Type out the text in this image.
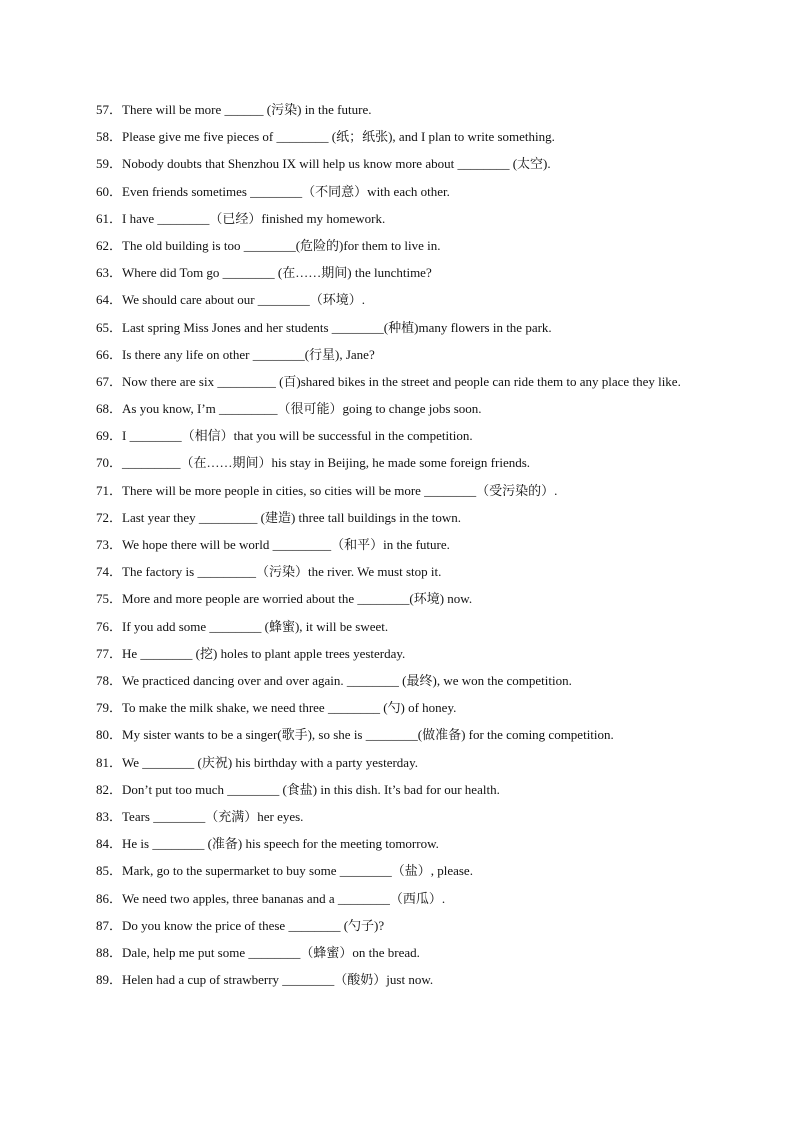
57．There will be more ______ (污染) in the future.
58．Please give me five pieces of ________ (纸；纸张), and I plan to write something.
59．Nobody doubts that Shenzhou IX will help us know more about ________ (太空).
60．Even friends sometimes ________（不同意）with each other.
61．I have ________（已经）finished my homework.
62．The old building is too ________(危险的)for them to live in.
63．Where did Tom go ________ (在……期间) the lunchtime?
64．We should care about our ________（环境）.
65．Last spring Miss Jones and her students ________(种植)many flowers in the park.
66．Is there any life on other ________(行星), Jane?
67．Now there are six _________ (百)shared bikes in the street and people can ride them to any place they like.
68．As you know, I’m _________（很可能）going to change jobs soon.
69．I ________（相信）that you will be successful in the competition.
70．_________（在……期间）his stay in Beijing, he made some foreign friends.
71．There will be more people in cities, so cities will be more ________（受污染的）.
72．Last year they _________ (建造) three tall buildings in the town.
73．We hope there will be world _________（和平）in the future.
74．The factory is _________（污染）the river. We must stop it.
75．More and more people are worried about the ________(环境) now.
76．If you add some ________ (蜂蜜), it will be sweet.
77．He ________ (挖) holes to plant apple trees yesterday.
78．We practiced dancing over and over again. ________ (最终), we won the competition.
79．To make the milk shake, we need three ________ (勺) of honey.
80．My sister wants to be a singer(歌手), so she is ________(做准备) for the coming competition.
81．We ________ (庆祝) his birthday with a party yesterday.
82．Don’t put too much ________ (食盐) in this dish. It’s bad for our health.
83．Tears ________（充满）her eyes.
84．He is ________ (准备) his speech for the meeting tomorrow.
85．Mark, go to the supermarket to buy some ________（盐）, please.
86．We need two apples, three bananas and a ________（西瓜）.
87．Do you know the price of these ________ (勺子)?
88．Dale, help me put some ________（蜂蜜）on the bread.
89．Helen had a cup of strawberry ________（酸奶）just now.
